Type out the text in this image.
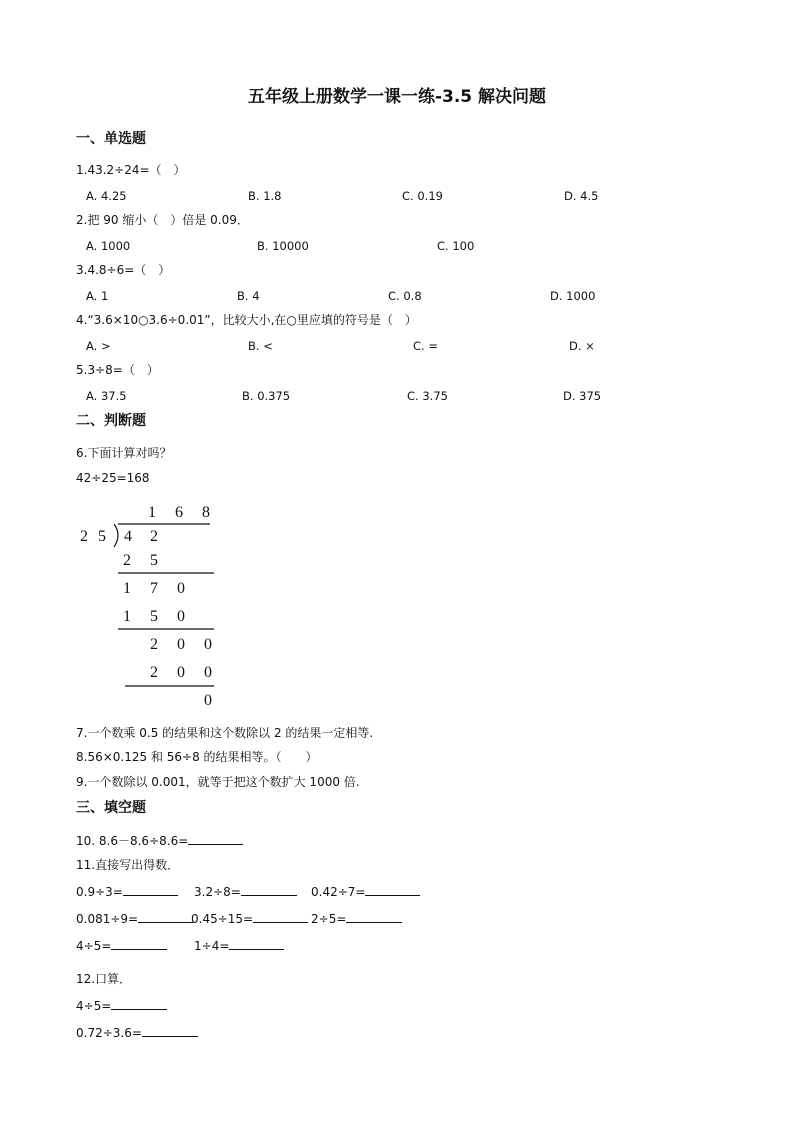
五年级上册数学一课一练-3.5 解决问题
一、单选题
1.43.2÷24=（　）
A. 4.25	B. 1.8	C. 0.19	D. 4.5
2.把 90 缩小（　）倍是 0.09．
A. 1000	B. 10000	C. 100
3.4.8÷6=（　）
A. 1	B. 4	C. 0.8	D. 1000
4.“3.6×10○3.6÷0.01”，比较大小,在○里应填的符号是（　）
A. >	B. <	C. =	D. ×
5.3÷8=（　）
A. 37.5	B. 0.375	C. 3.75	D. 375
二、判断题
6.下面计算对吗？
42÷25=168
1 6 8
2 5 4 2
2 5
1 7 0
1 5 0
2 0 0
2 0 0
0
7.一个数乘 0.5 的结果和这个数除以 2 的结果一定相等.
8.56×0.125 和 56÷8 的结果相等。（　　）
9.一个数除以 0.001，就等于把这个数扩大 1000 倍.
三、填空题
10. 8.6－8.6÷8.6=
11.直接写出得数．
0.9÷3=	3.2÷8=	0.42÷7=
0.081÷9=	0.45÷15=	2÷5=
4÷5=	1÷4=
12.口算．
4÷5=
0.72÷3.6=
